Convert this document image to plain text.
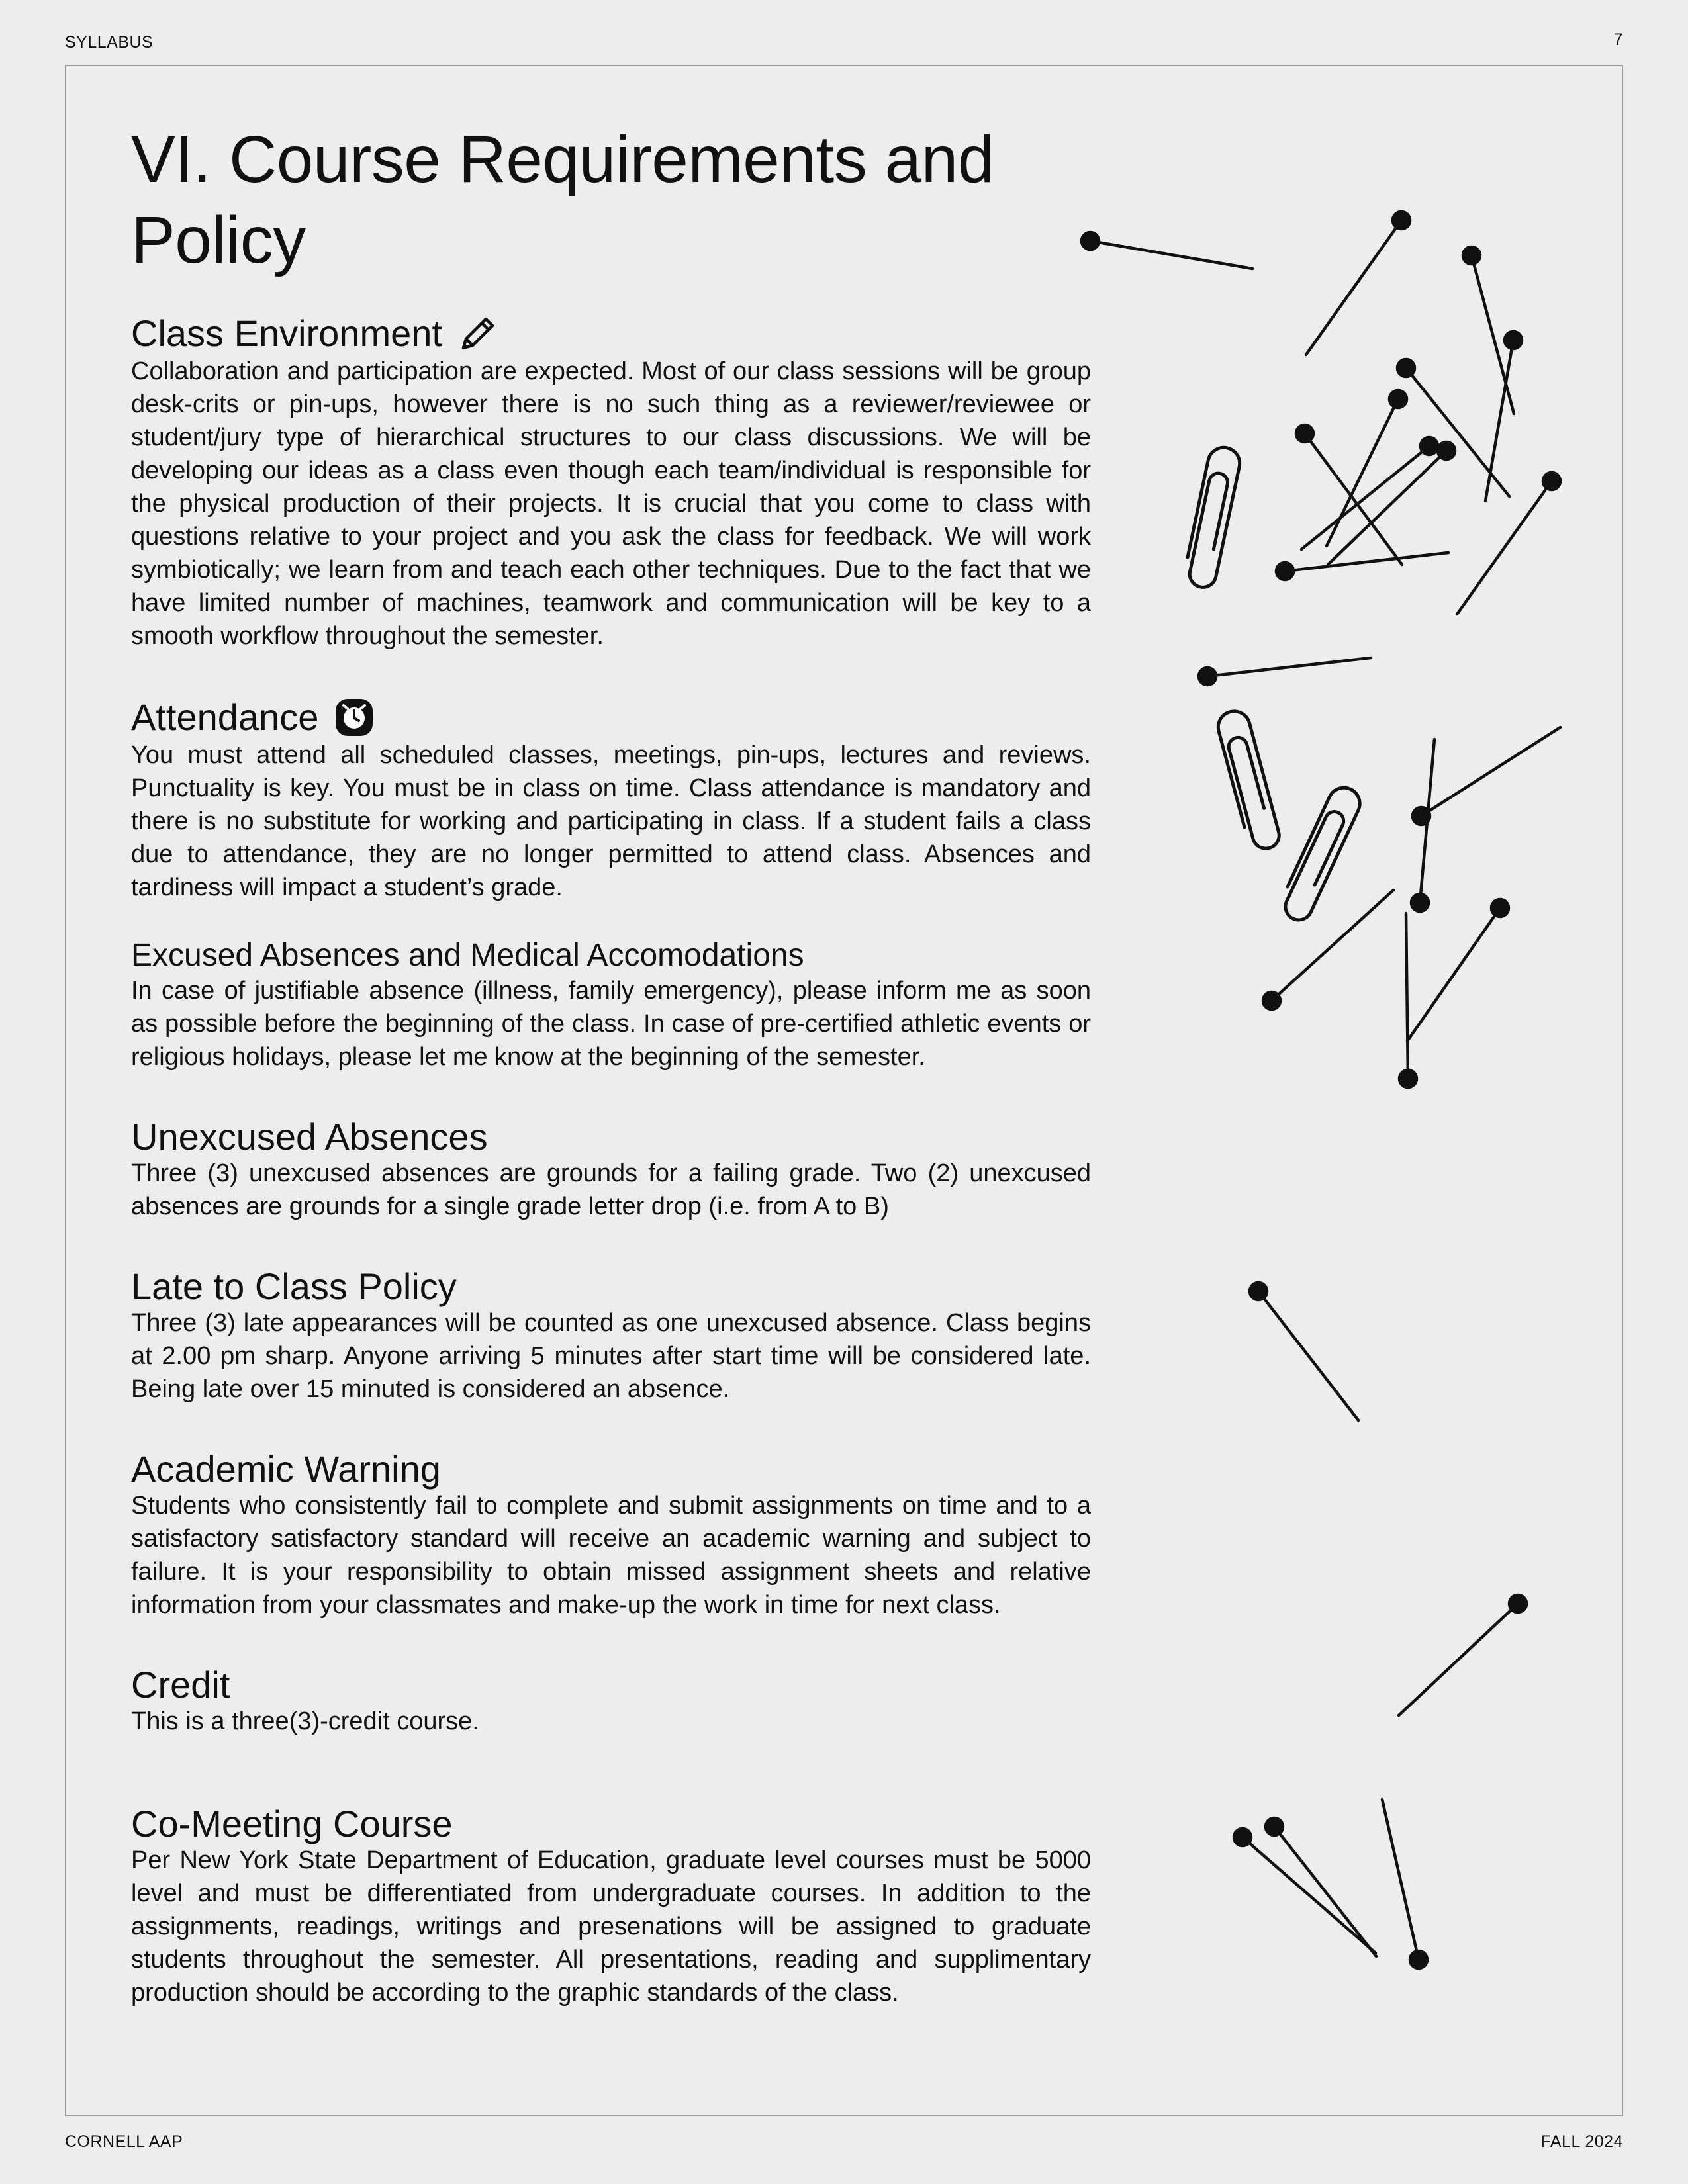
SYLLABUS	7
VI. Course Requirements and Policy
Class Environment

Collaboration and participation are expected. Most of our class sessions will be group desk-crits or pin-ups, however there is no such thing as a reviewer/reviewee or student/jury type of hierarchical structures to our class discussions. We will be developing our ideas as a class even though each team/individual is responsible for the physical production of their projects. It is crucial that you come to class with questions relative to your project and you ask the class for feedback. We will work symbiotically; we learn from and teach each other techniques. Due to the fact that we have limited number of machines, teamwork and communication will be key to a smooth workflow throughout the semester.

Attendance

You must attend all scheduled classes, meetings, pin-ups, lectures and reviews. Punctuality is key. You must be in class on time. Class attendance is mandatory and there is no substitute for working and participating in class. If a student fails a class due to attendance, they are no longer permitted to attend class. Absences and tardiness will impact a student’s grade.

Excused Absences and Medical Accomodations

In case of justifiable absence (illness, family emergency), please inform me as soon as possible before the beginning of the class. In case of pre-certified athletic events or religious holidays, please let me know at the beginning of the semester.

Unexcused Absences

Three (3) unexcused absences are grounds for a failing grade. Two (2) unexcused absences are grounds for a single grade letter drop (i.e. from A to B)

Late to Class Policy

Three (3) late appearances will be counted as one unexcused absence. Class begins at 2.00 pm sharp. Anyone arriving 5 minutes after start time will be considered late. Being late over 15 minuted is considered an absence.

Academic Warning

Students who consistently fail to complete and submit assignments on time and to a satisfactory satisfactory standard will receive an academic warning and subject to failure. It is your responsibility to obtain missed assignment sheets and relative information from your classmates and make-up the work in time for next class.

Credit

This is a three(3)-credit course.

Co-Meeting Course

Per New York State Department of Education, graduate level courses must be 5000 level and must be differentiated from undergraduate courses. In addition to the assignments, readings, writings and presenations will be assigned to graduate students throughout the semester. All presentations, reading and supplimentary production should be according to the graphic standards of the class.

CORNELL AAP	FALL 2024
